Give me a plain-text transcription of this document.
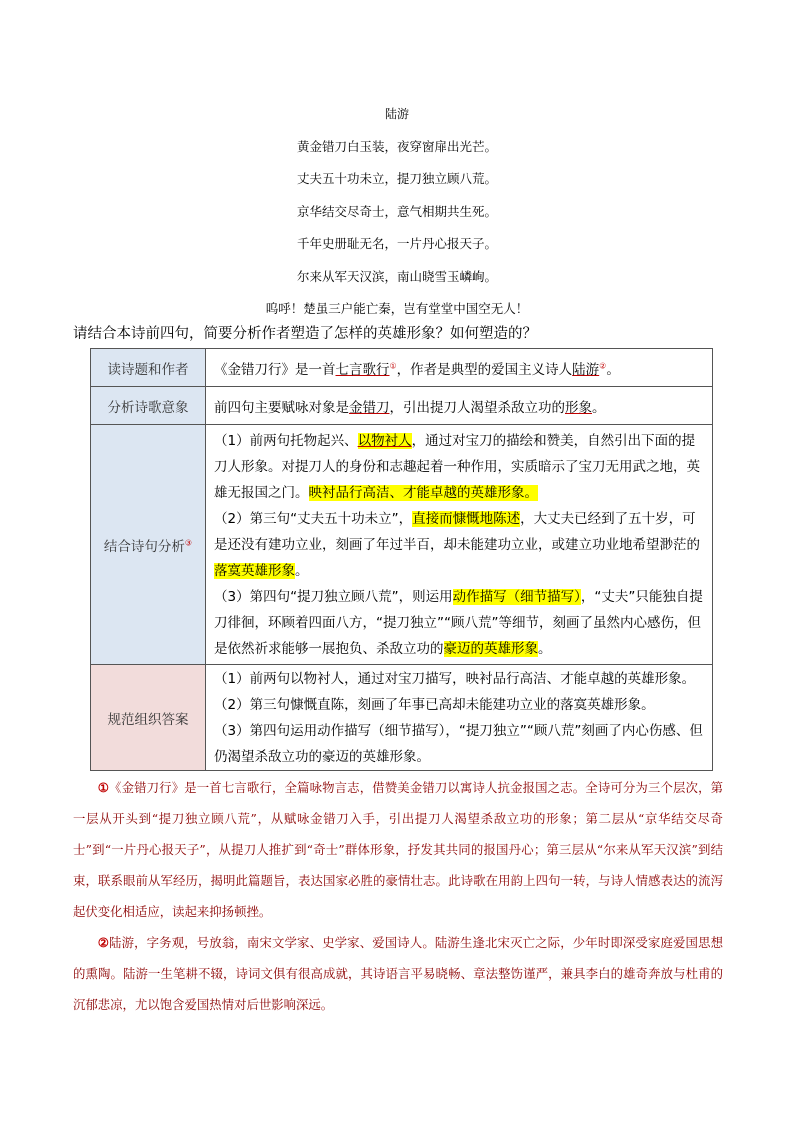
陆游
黄金错刀白玉装，夜穿窗扉出光芒。
丈夫五十功未立，提刀独立顾八荒。
京华结交尽奇士，意气相期共生死。
千年史册耻无名，一片丹心报天子。
尔来从军天汉滨，南山晓雪玉嶙峋。
呜呼！楚虽三户能亡秦，岂有堂堂中国空无人！
请结合本诗前四句，简要分析作者塑造了怎样的英雄形象？如何塑造的？
读诗题和作者	《金错刀行》是一首七言歌行①，作者是典型的爱国主义诗人陆游②。
分析诗歌意象	前四句主要赋咏对象是金错刀，引出提刀人渴望杀敌立功的形象。
结合诗句分析③	（1）前两句托物起兴、以物衬人，通过对宝刀的描绘和赞美，自然引出下面的提刀人形象。对提刀人的身份和志趣起着一种作用，实质暗示了宝刀无用武之地，英雄无报国之门。映衬品行高洁、才能卓越的英雄形象。
（2）第三句“丈夫五十功未立”，直接而慷慨地陈述，大丈夫已经到了五十岁，可是还没有建功立业，刻画了年过半百，却未能建功立业，或建立功业地希望渺茫的落寞英雄形象。
（3）第四句“提刀独立顾八荒”，则运用动作描写（细节描写），“丈夫”只能独自提刀徘徊，环顾着四面八方，“提刀独立”“顾八荒”等细节，刻画了虽然内心感伤，但是依然祈求能够一展抱负、杀敌立功的豪迈的英雄形象。

规范组织答案	（1）前两句以物衬人，通过对宝刀描写，映衬品行高洁、才能卓越的英雄形象。
（2）第三句慷慨直陈，刻画了年事已高却未能建功立业的落寞英雄形象。
（3）第四句运用动作描写（细节描写），“提刀独立”“顾八荒”刻画了内心伤感、但仍渴望杀敌立功的豪迈的英雄形象。

①《金错刀行》是一首七言歌行，全篇咏物言志，借赞美金错刀以寓诗人抗金报国之志。全诗可分为三个层次，第一层从开头到“提刀独立顾八荒”，从赋咏金错刀入手，引出提刀人渴望杀敌立功的形象；第二层从“京华结交尽奇士”到“一片丹心报天子”，从提刀人推扩到“奇士”群体形象，抒发其共同的报国丹心；第三层从“尔来从军天汉滨”到结束，联系眼前从军经历，揭明此篇题旨，表达国家必胜的豪情壮志。此诗歌在用韵上四句一转，与诗人情感表达的流泻起伏变化相适应，读起来抑扬顿挫。

②陆游，字务观，号放翁，南宋文学家、史学家、爱国诗人。陆游生逢北宋灭亡之际，少年时即深受家庭爱国思想的熏陶。陆游一生笔耕不辍，诗词文俱有很高成就，其诗语言平易晓畅、章法整饬谨严，兼具李白的雄奇奔放与杜甫的沉郁悲凉，尤以饱含爱国热情对后世影响深远。
